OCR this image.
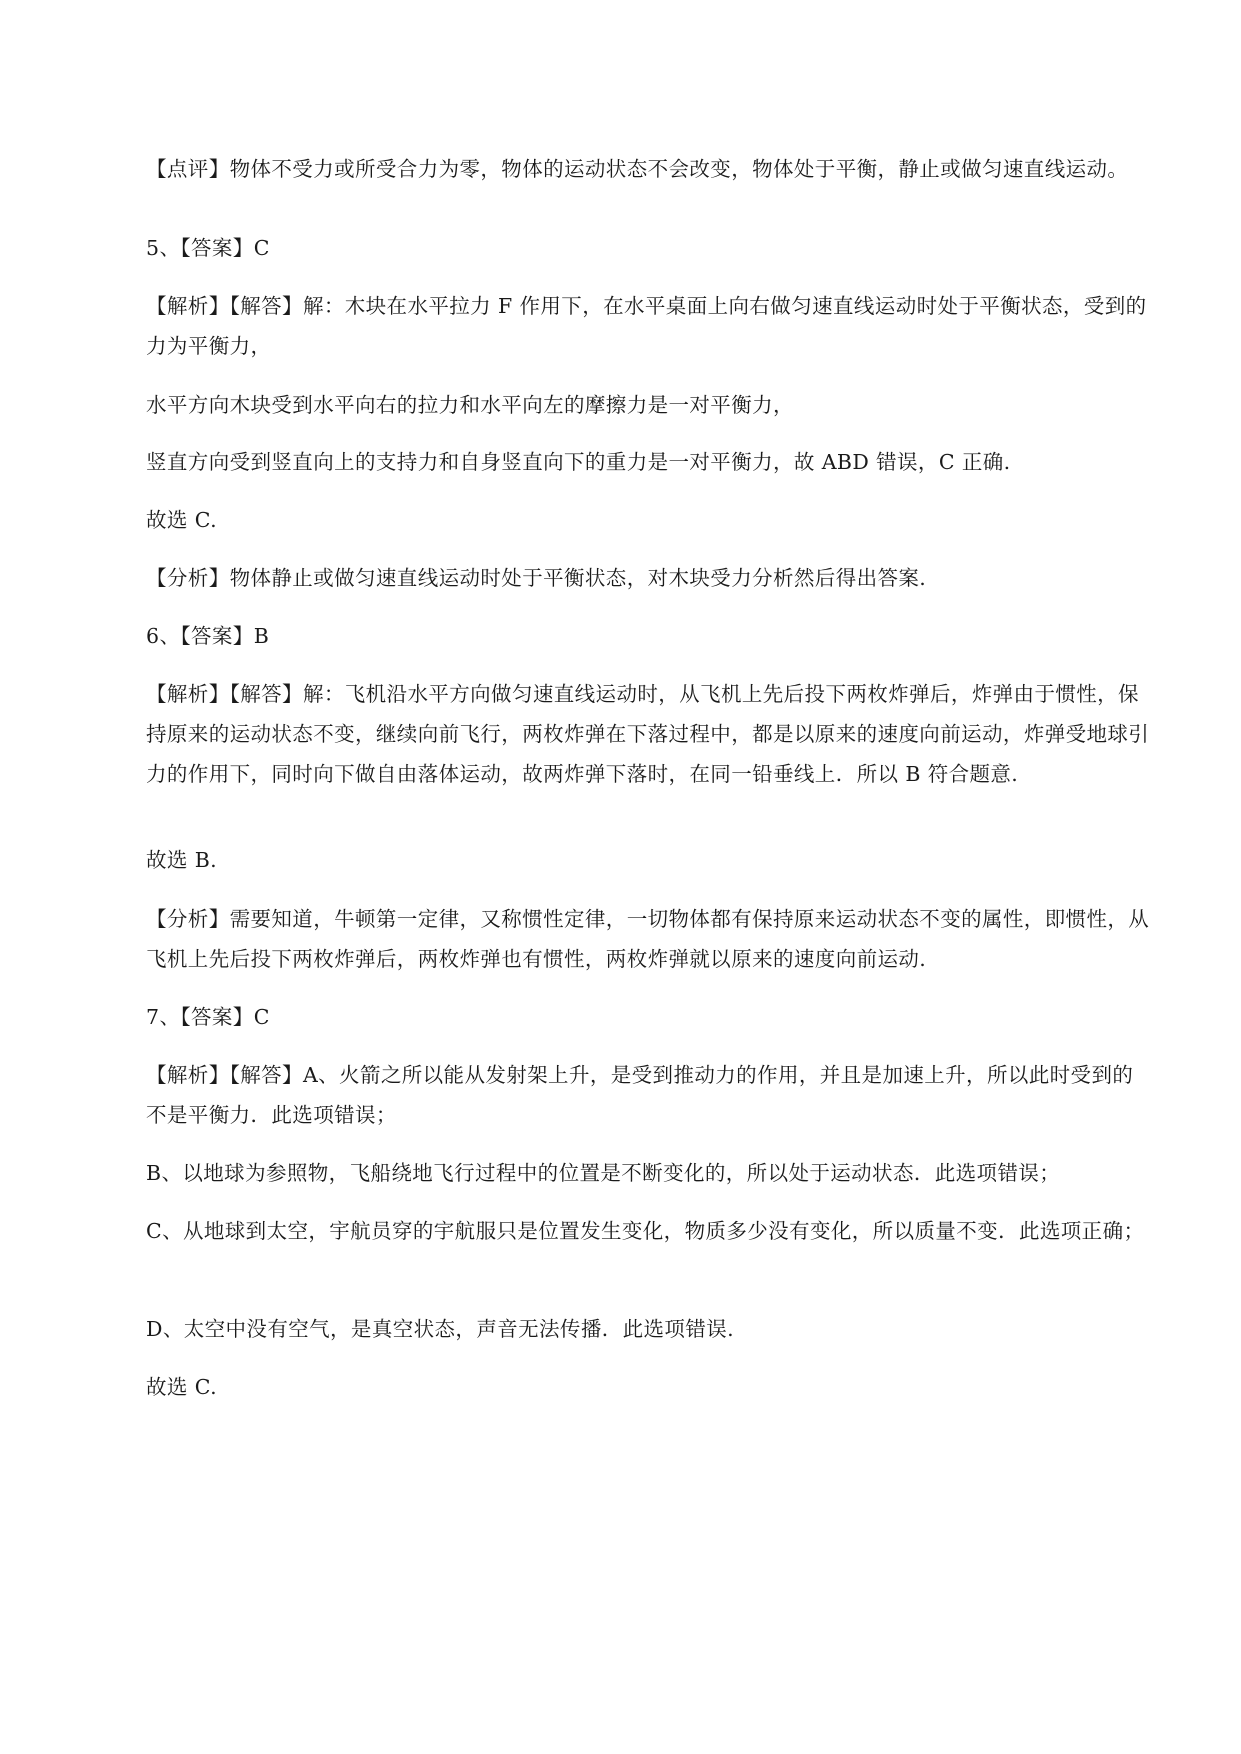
【点评】物体不受力或所受合力为零，物体的运动状态不会改变，物体处于平衡，静止或做匀速直线运动。
5、【答案】C
【解析】【解答】解：木块在水平拉力 F 作用下，在水平桌面上向右做匀速直线运动时处于平衡状态，受到的力为平衡力，
水平方向木块受到水平向右的拉力和水平向左的摩擦力是一对平衡力，
竖直方向受到竖直向上的支持力和自身竖直向下的重力是一对平衡力，故 ABD 错误，C 正确.
故选 C.
【分析】物体静止或做匀速直线运动时处于平衡状态，对木块受力分析然后得出答案.
6、【答案】B
【解析】【解答】解：飞机沿水平方向做匀速直线运动时，从飞机上先后投下两枚炸弹后，炸弹由于惯性，保持原来的运动状态不变，继续向前飞行，两枚炸弹在下落过程中，都是以原来的速度向前运动，炸弹受地球引力的作用下，同时向下做自由落体运动，故两炸弹下落时，在同一铅垂线上．所以 B 符合题意.
故选 B.
【分析】需要知道，牛顿第一定律，又称惯性定律，一切物体都有保持原来运动状态不变的属性，即惯性，从飞机上先后投下两枚炸弹后，两枚炸弹也有惯性，两枚炸弹就以原来的速度向前运动.
7、【答案】C
【解析】【解答】A、火箭之所以能从发射架上升，是受到推动力的作用，并且是加速上升，所以此时受到的不是平衡力．此选项错误；
B、以地球为参照物，飞船绕地飞行过程中的位置是不断变化的，所以处于运动状态．此选项错误；
C、从地球到太空，宇航员穿的宇航服只是位置发生变化，物质多少没有变化，所以质量不变．此选项正确；
D、太空中没有空气，是真空状态，声音无法传播．此选项错误.
故选 C.
